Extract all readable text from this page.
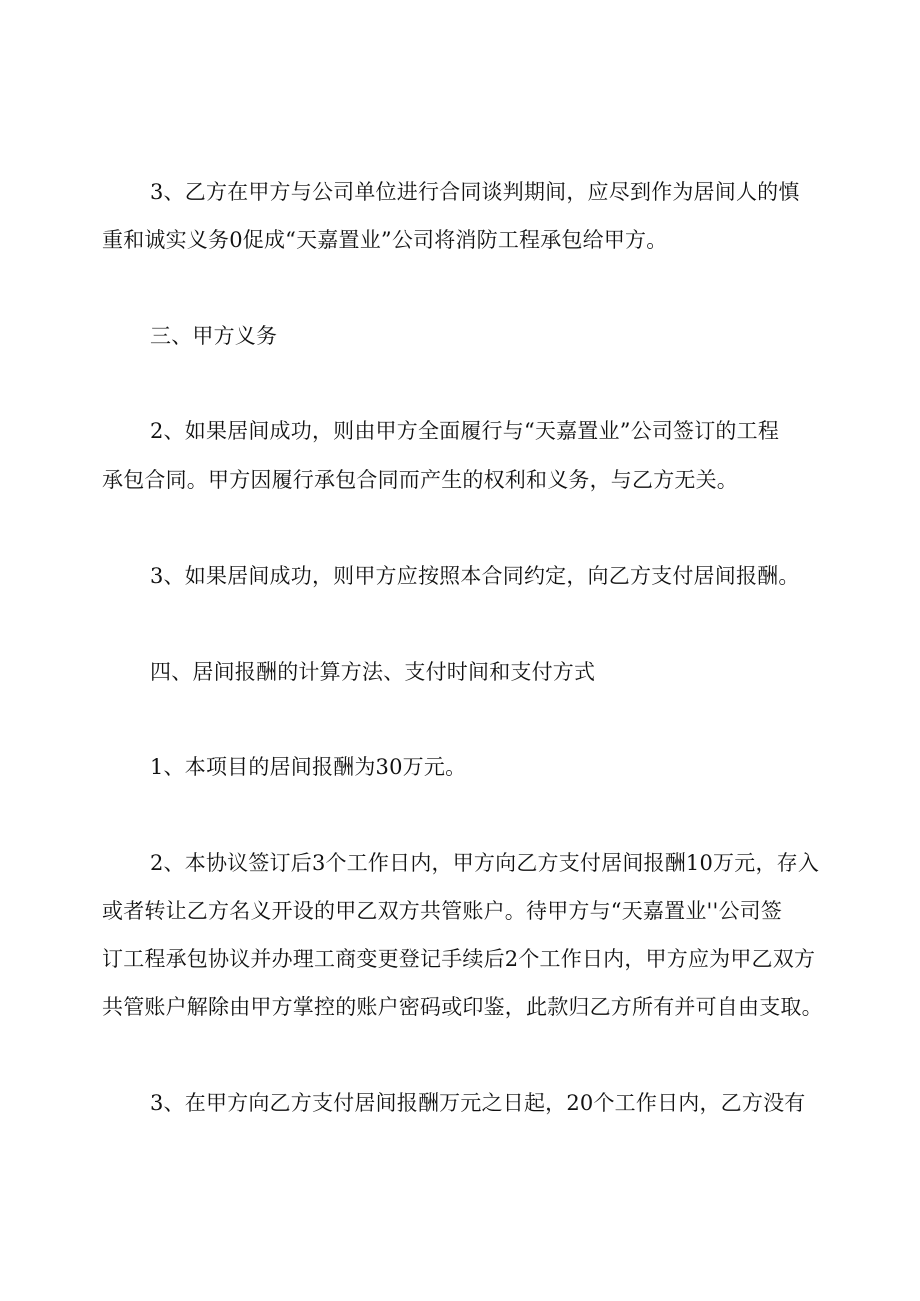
3、乙方在甲方与公司单位进行合同谈判期间，应尽到作为居间人的慎
重和诚实义务0促成“天嘉置业”公司将消防工程承包给甲方。
三、甲方义务
2、如果居间成功，则由甲方全面履行与“天嘉置业”公司签订的工程
承包合同。甲方因履行承包合同而产生的权利和义务，与乙方无关。
3、如果居间成功，则甲方应按照本合同约定，向乙方支付居间报酬。
四、居间报酬的计算方法、支付时间和支付方式
1、本项目的居间报酬为30万元。
2、本协议签订后3个工作日内，甲方向乙方支付居间报酬10万元，存入
或者转让乙方名义开设的甲乙双方共管账户。待甲方与“天嘉置业''公司签
订工程承包协议并办理工商变更登记手续后2个工作日内，甲方应为甲乙双方
共管账户解除由甲方掌控的账户密码或印鉴，此款归乙方所有并可自由支取。
3、在甲方向乙方支付居间报酬万元之日起，20个工作日内，乙方没有
